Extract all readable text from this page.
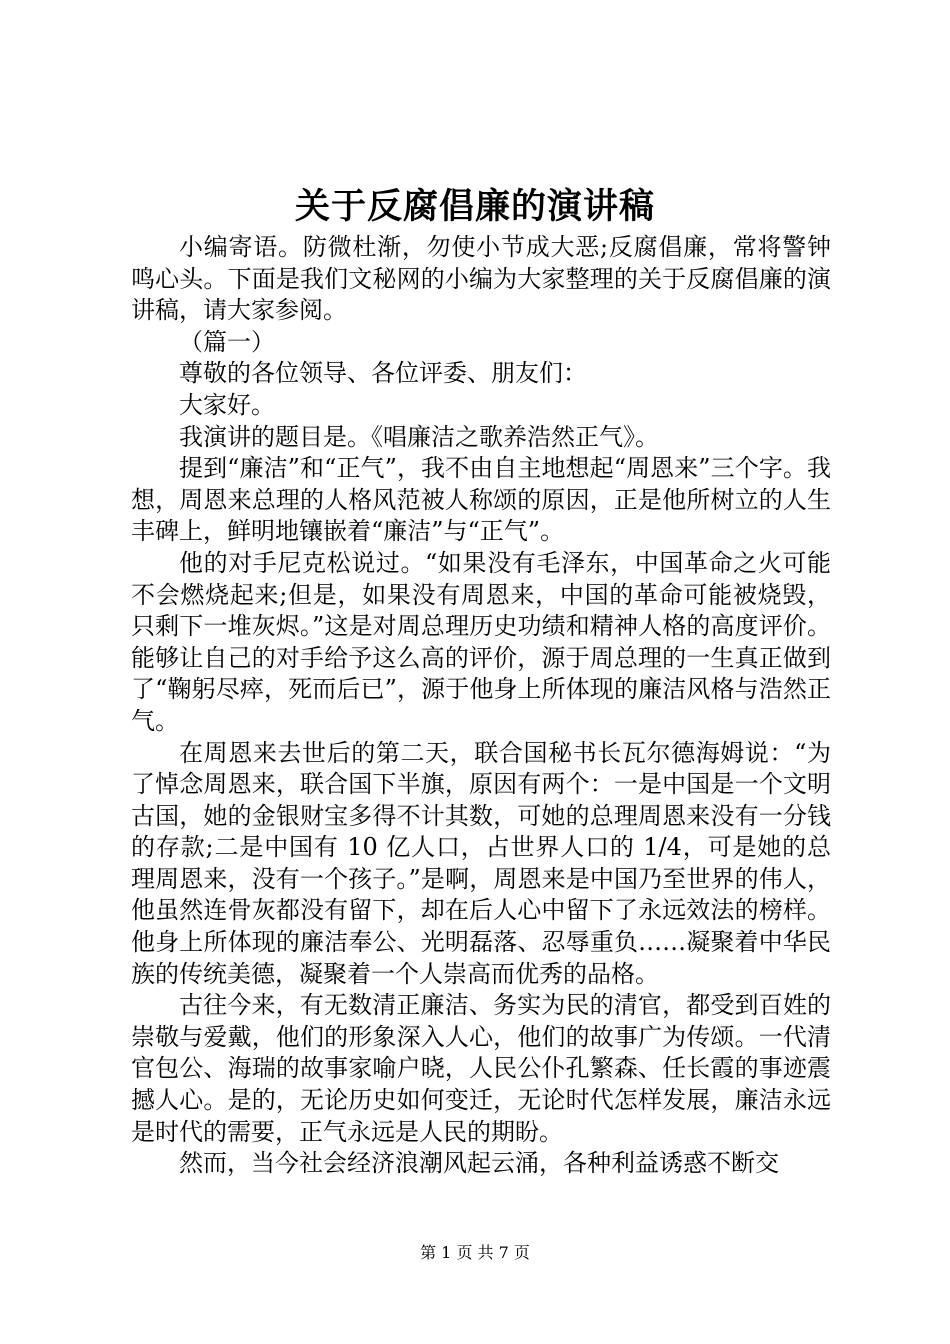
关于反腐倡廉的演讲稿

小编寄语。防微杜渐，勿使小节成大恶;反腐倡廉，常将警钟鸣心头。下面是我们文秘网的小编为大家整理的关于反腐倡廉的演讲稿，请大家参阅。

（篇一）

尊敬的各位领导、各位评委、朋友们：

大家好。

我演讲的题目是。《唱廉洁之歌养浩然正气》。

提到“廉洁”和“正气”，我不由自主地想起“周恩来”三个字。我想，周恩来总理的人格风范被人称颂的原因，正是他所树立的人生丰碑上，鲜明地镶嵌着“廉洁”与“正气”。

他的对手尼克松说过。“如果没有毛泽东，中国革命之火可能不会燃烧起来;但是，如果没有周恩来，中国的革命可能被烧毁，只剩下一堆灰烬。”这是对周总理历史功绩和精神人格的高度评价。能够让自己的对手给予这么高的评价，源于周总理的一生真正做到了“鞠躬尽瘁，死而后已”，源于他身上所体现的廉洁风格与浩然正气。

在周恩来去世后的第二天，联合国秘书长瓦尔德海姆说：“为了悼念周恩来，联合国下半旗，原因有两个：一是中国是一个文明古国，她的金银财宝多得不计其数，可她的总理周恩来没有一分钱的存款;二是中国有 10 亿人口，占世界人口的 1/4，可是她的总理周恩来，没有一个孩子。”是啊，周恩来是中国乃至世界的伟人，他虽然连骨灰都没有留下，却在后人心中留下了永远效法的榜样。他身上所体现的廉洁奉公、光明磊落、忍辱重负……凝聚着中华民族的传统美德，凝聚着一个人崇高而优秀的品格。

古往今来，有无数清正廉洁、务实为民的清官，都受到百姓的崇敬与爱戴，他们的形象深入人心，他们的故事广为传颂。一代清官包公、海瑞的故事家喻户晓，人民公仆孔繁森、任长霞的事迹震撼人心。是的，无论历史如何变迁，无论时代怎样发展，廉洁永远是时代的需要，正气永远是人民的期盼。

然而，当今社会经济浪潮风起云涌，各种利益诱惑不断交

第 1 页 共 7 页
